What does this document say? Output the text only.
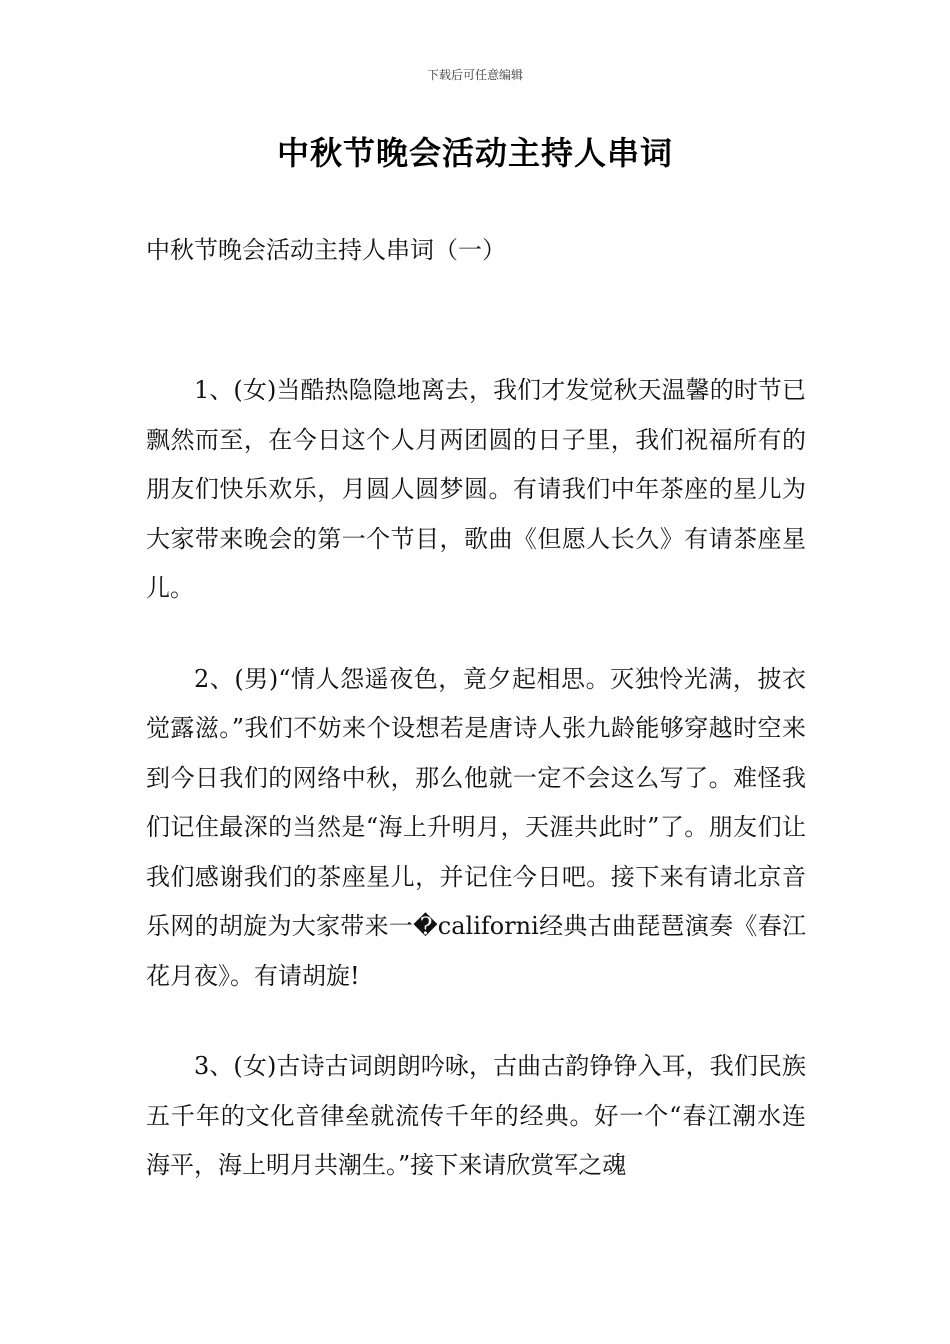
下载后可任意编辑
中秋节晚会活动主持人串词

中秋节晚会活动主持人串词（一）

1、(女)当酷热隐隐地离去，我们才发觉秋天温馨的时节已飘然而至，在今日这个人月两团圆的日子里，我们祝福所有的朋友们快乐欢乐，月圆人圆梦圆。有请我们中年茶座的星儿为大家带来晚会的第一个节目，歌曲《但愿人长久》有请茶座星儿。

2、(男)“情人怨遥夜色，竟夕起相思。灭独怜光满，披衣觉露滋。”我们不妨来个设想若是唐诗人张九龄能够穿越时空来到今日我们的网络中秋，那么他就一定不会这么写了。难怪我们记住最深的当然是“海上升明月，天涯共此时”了。朋友们让我们感谢我们的茶座星儿，并记住今日吧。接下来有请北京音乐网的胡旋为大家带来一�californi经典古曲琵琶演奏《春江花月夜》。有请胡旋!

3、(女)古诗古词朗朗吟咏，古曲古韵铮铮入耳，我们民族五千年的文化音律垒就流传千年的经典。好一个“春江潮水连海平，海上明月共潮生。”接下来请欣赏军之魂
